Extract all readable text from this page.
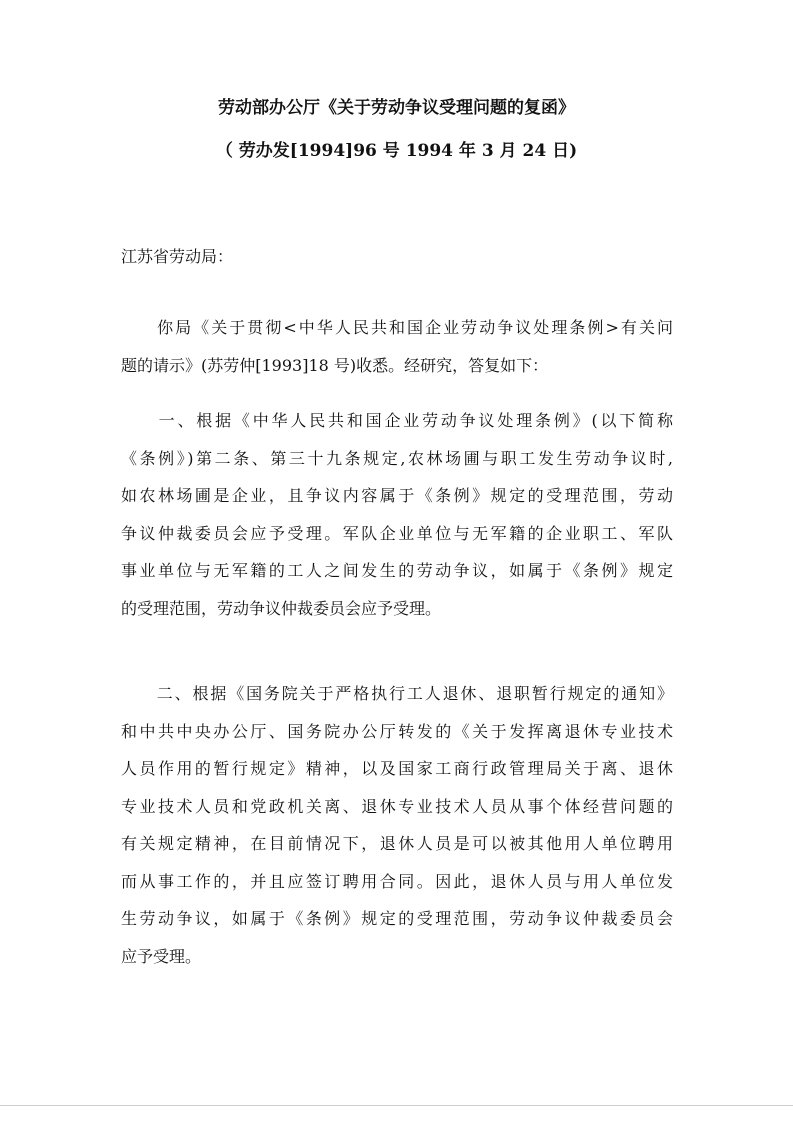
劳动部办公厅《关于劳动争议受理问题的复函》
（ 劳办发[1994]96 号 1994 年 3 月 24 日)
江苏省劳动局：
　　你局《关于贯彻<中华人民共和国企业劳动争议处理条例>有关问
题的请示》(苏劳仲[1993]18 号)收悉。经研究，答复如下：
　　一、根据《中华人民共和国企业劳动争议处理条例》(以下简称
《条例》)第二条、第三十九条规定,农林场圃与职工发生劳动争议时,
如农林场圃是企业，且争议内容属于《条例》规定的受理范围，劳动
争议仲裁委员会应予受理。军队企业单位与无军籍的企业职工、军队
事业单位与无军籍的工人之间发生的劳动争议，如属于《条例》规定
的受理范围，劳动争议仲裁委员会应予受理。
　　二、根据《国务院关于严格执行工人退休、退职暂行规定的通知》
和中共中央办公厅、国务院办公厅转发的《关于发挥离退休专业技术
人员作用的暂行规定》精神，以及国家工商行政管理局关于离、退休
专业技术人员和党政机关离、退休专业技术人员从事个体经营问题的
有关规定精神，在目前情况下，退休人员是可以被其他用人单位聘用
而从事工作的，并且应签订聘用合同。因此，退休人员与用人单位发
生劳动争议，如属于《条例》规定的受理范围，劳动争议仲裁委员会
应予受理。
